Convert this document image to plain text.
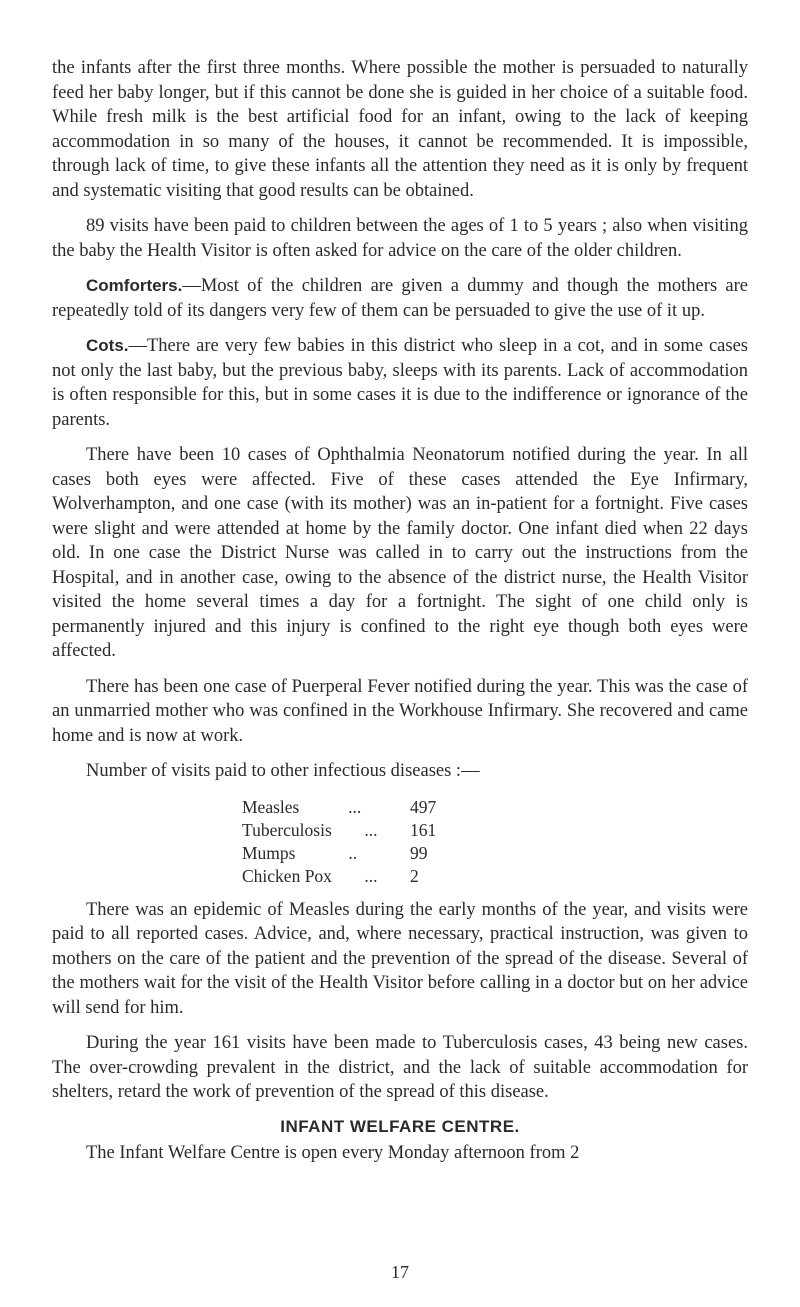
the infants after the first three months. Where possible the mother is persuaded to naturally feed her baby longer, but if this cannot be done she is guided in her choice of a suitable food. While fresh milk is the best artificial food for an infant, owing to the lack of keeping accommodation in so many of the houses, it cannot be recommended. It is impossible, through lack of time, to give these infants all the attention they need as it is only by frequent and systematic visiting that good results can be obtained.

89 visits have been paid to children between the ages of 1 to 5 years ; also when visiting the baby the Health Visitor is often asked for advice on the care of the older children.

Comforters.—Most of the children are given a dummy and though the mothers are repeatedly told of its dangers very few of them can be persuaded to give the use of it up.

Cots.—There are very few babies in this district who sleep in a cot, and in some cases not only the last baby, but the previous baby, sleeps with its parents. Lack of accommodation is often responsible for this, but in some cases it is due to the indifference or ignorance of the parents.

There have been 10 cases of Ophthalmia Neonatorum notified during the year. In all cases both eyes were affected. Five of these cases attended the Eye Infirmary, Wolverhampton, and one case (with its mother) was an in-patient for a fortnight. Five cases were slight and were attended at home by the family doctor. One infant died when 22 days old. In one case the District Nurse was called in to carry out the instructions from the Hospital, and in another case, owing to the absence of the district nurse, the Health Visitor visited the home several times a day for a fortnight. The sight of one child only is permanently injured and this injury is confined to the right eye though both eyes were affected.

There has been one case of Puerperal Fever notified during the year. This was the case of an unmarried mother who was confined in the Workhouse Infirmary. She recovered and came home and is now at work.

Number of visits paid to other infectious diseases :—

Measles	...	497
Tuberculosis ... 161
Mumps	..	99
Chicken Pox ... 2

There was an epidemic of Measles during the early months of the year, and visits were paid to all reported cases. Advice, and, where necessary, practical instruction, was given to mothers on the care of the patient and the prevention of the spread of the disease. Several of the mothers wait for the visit of the Health Visitor before calling in a doctor but on her advice will send for him.

During the year 161 visits have been made to Tuberculosis cases, 43 being new cases. The over-crowding prevalent in the district, and the lack of suitable accommodation for shelters, retard the work of prevention of the spread of this disease.

INFANT WELFARE CENTRE.

The Infant Welfare Centre is open every Monday afternoon from 2

17
